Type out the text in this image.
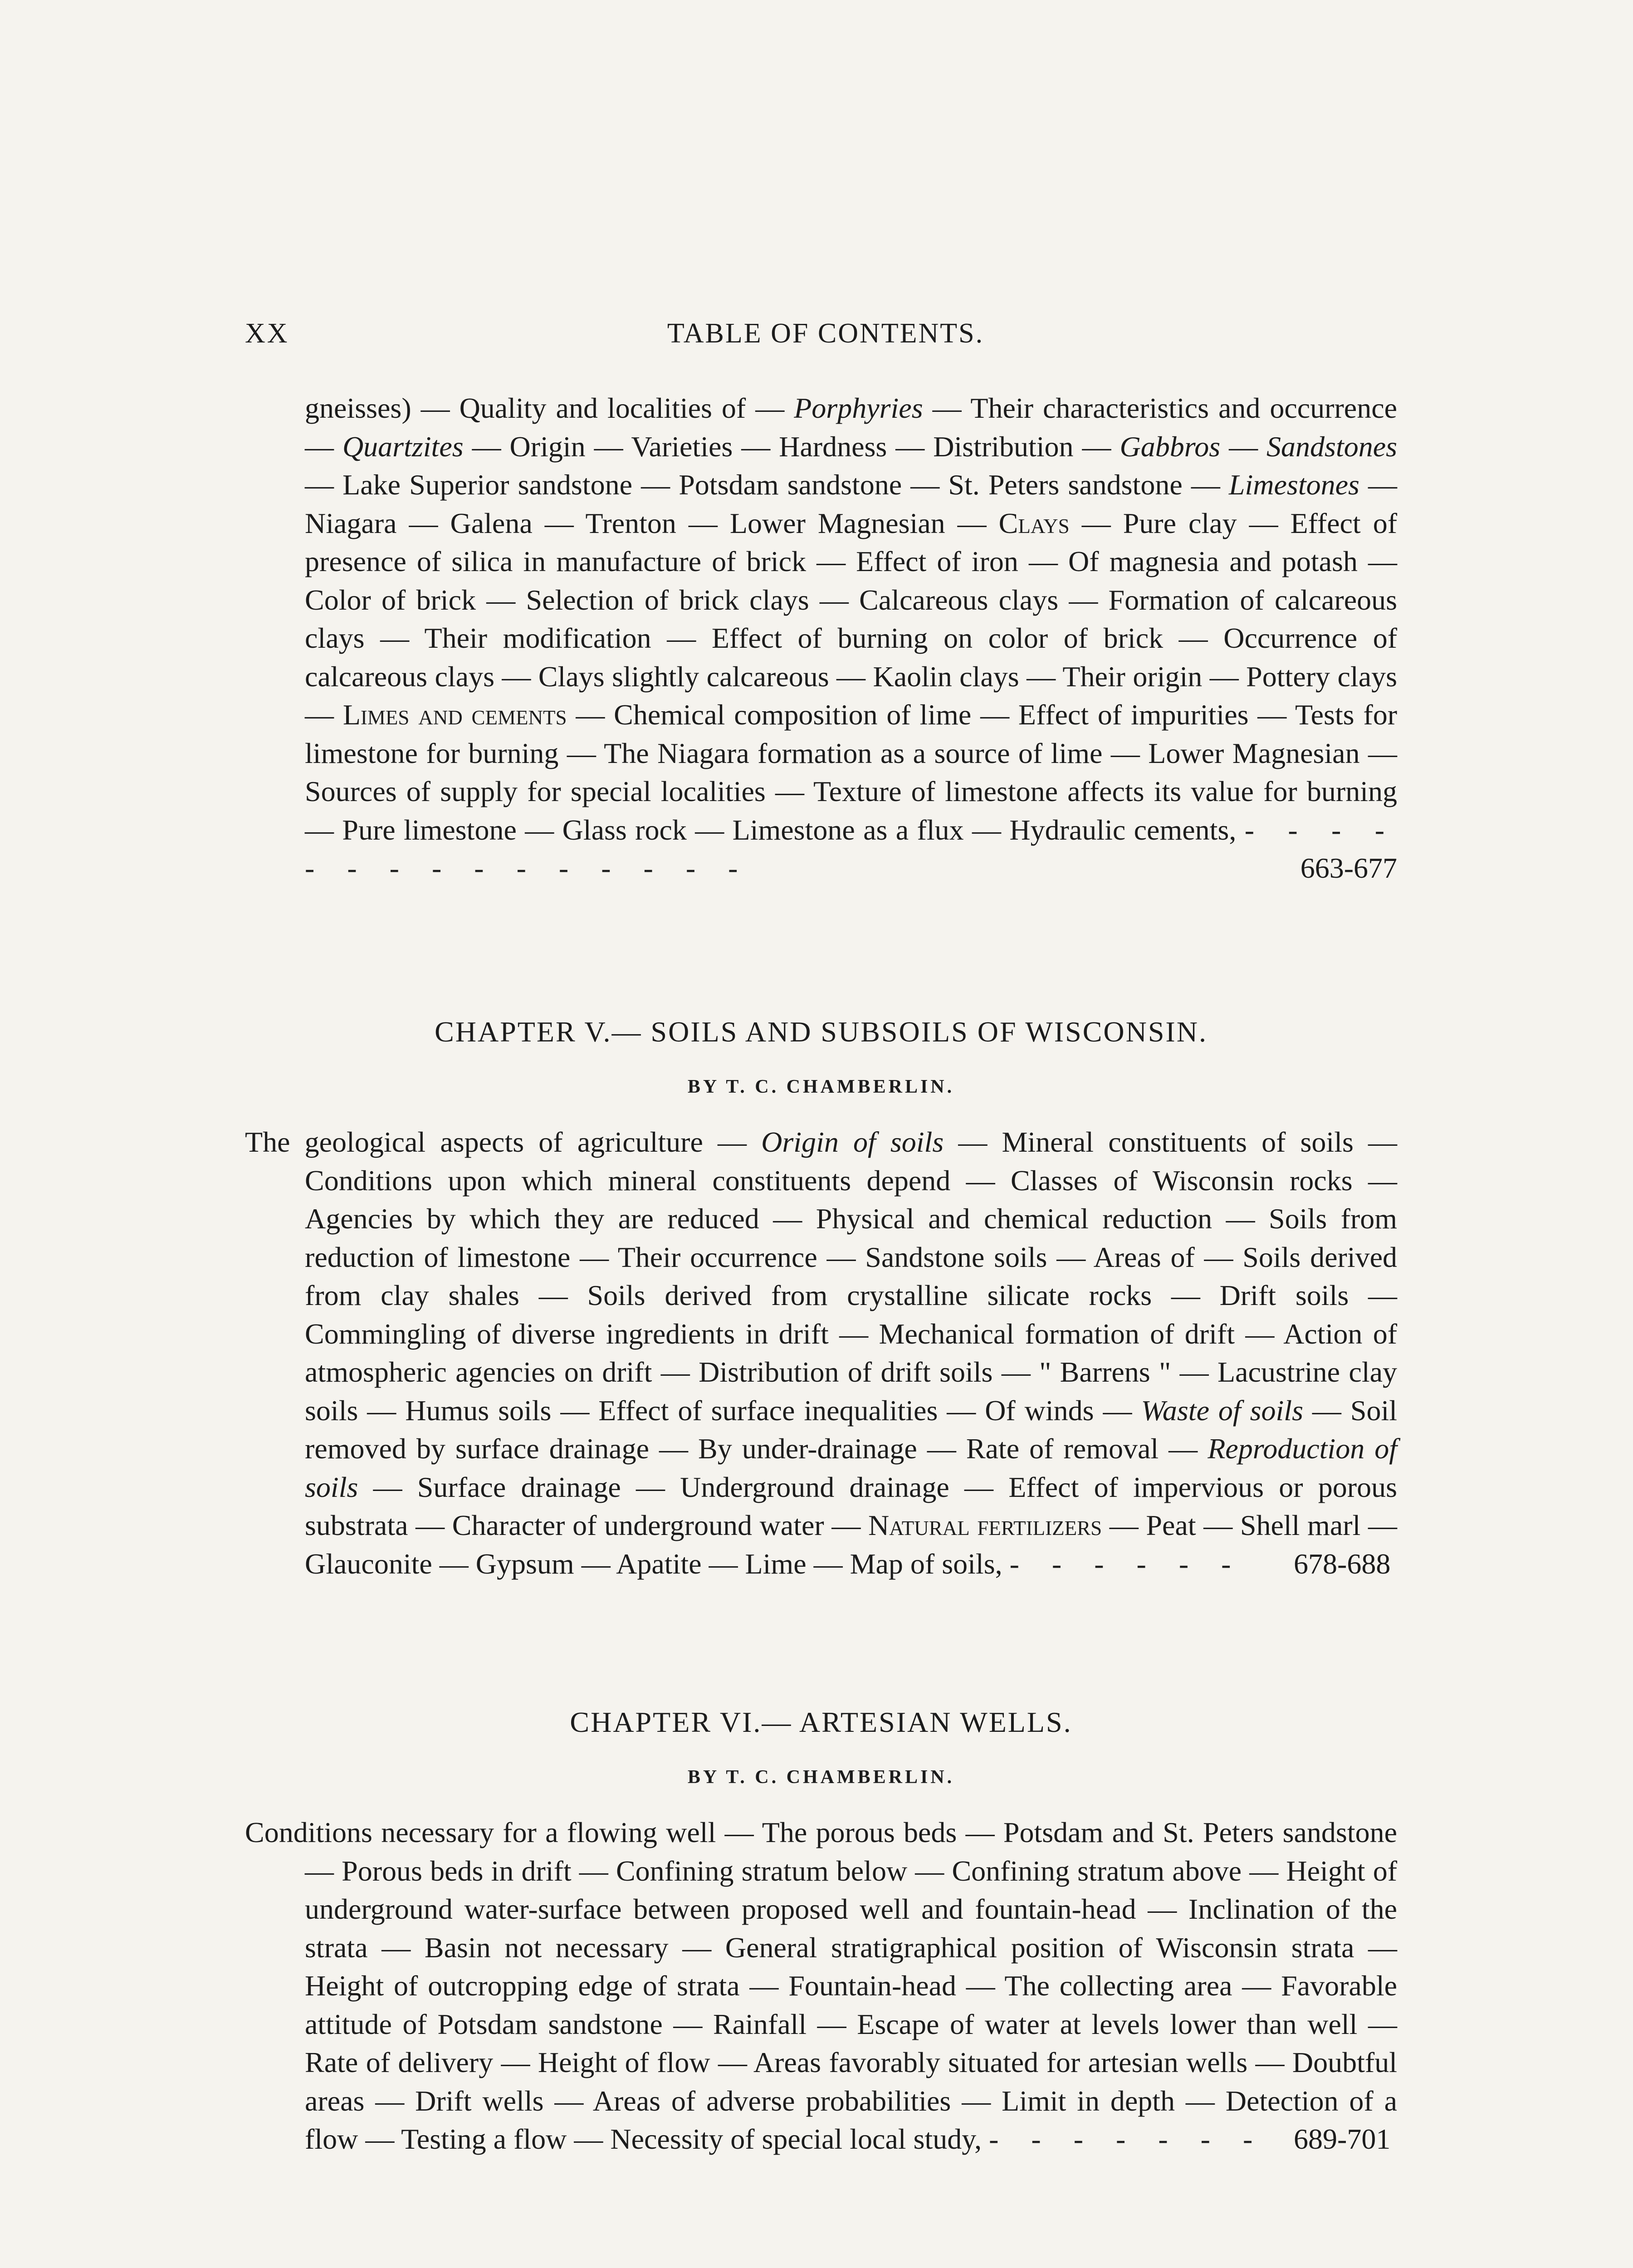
XX	TABLE OF CONTENTS.
gneisses) — Quality and localities of — Porphyries — Their characteristics and occurrence — Quartzites — Origin — Varieties — Hardness — Distribution — Gabbros — Sandstones — Lake Superior sandstone — Potsdam sandstone — St. Peters sandstone — Limestones — Niagara — Galena — Trenton — Lower Magnesian — Clays — Pure clay — Effect of presence of silica in manufacture of brick — Effect of iron — Of magnesia and potash — Color of brick — Selection of brick clays — Calcareous clays — Formation of calcareous clays — Their modification — Effect of burning on color of brick — Occurrence of calcareous clays — Clays slightly calcareous — Kaolin clays — Their origin — Pottery clays — Limes and cements — Chemical composition of lime — Effect of impurities — Tests for limestone for burning — The Niagara formation as a source of lime — Lower Magnesian — Sources of supply for special localities — Texture of limestone affects its value for burning — Pure limestone — Glass rock — Limestone as a flux — Hydraulic cements, - - - - - - - - - - - - - - -	663-677
CHAPTER V.— SOILS AND SUBSOILS OF WISCONSIN.
BY T. C. CHAMBERLIN.
The geological aspects of agriculture — Origin of soils — Mineral constituents of soils — Conditions upon which mineral constituents depend — Classes of Wisconsin rocks — Agencies by which they are reduced — Physical and chemical reduction — Soils from reduction of limestone — Their occurrence — Sandstone soils — Areas of — Soils derived from clay shales — Soils derived from crystalline silicate rocks — Drift soils — Commingling of diverse ingredients in drift — Mechanical formation of drift — Action of atmospheric agencies on drift — Distribution of drift soils — " Barrens " — Lacustrine clay soils — Humus soils — Effect of surface inequalities — Of winds — Waste of soils — Soil removed by surface drainage — By under-drainage — Rate of removal — Reproduction of soils — Surface drainage — Underground drainage — Effect of impervious or porous substrata — Character of underground water — Natural fertilizers — Peat — Shell marl — Glauconite — Gypsum — Apatite — Lime — Map of soils, - - - - - - 678-688
CHAPTER VI.— ARTESIAN WELLS.
BY T. C. CHAMBERLIN.
Conditions necessary for a flowing well — The porous beds — Potsdam and St. Peters sandstone — Porous beds in drift — Confining stratum below — Confining stratum above — Height of underground water-surface between proposed well and fountain-head — Inclination of the strata — Basin not necessary — General stratigraphical position of Wisconsin strata — Height of outcropping edge of strata — Fountain-head — The collecting area — Favorable attitude of Potsdam sandstone — Rainfall — Escape of water at levels lower than well — Rate of delivery — Height of flow — Areas favorably situated for artesian wells — Doubtful areas — Drift wells — Areas of adverse probabilities — Limit in depth — Detection of a flow — Testing a flow — Necessity of special local study, - - - - - - - 689-701
